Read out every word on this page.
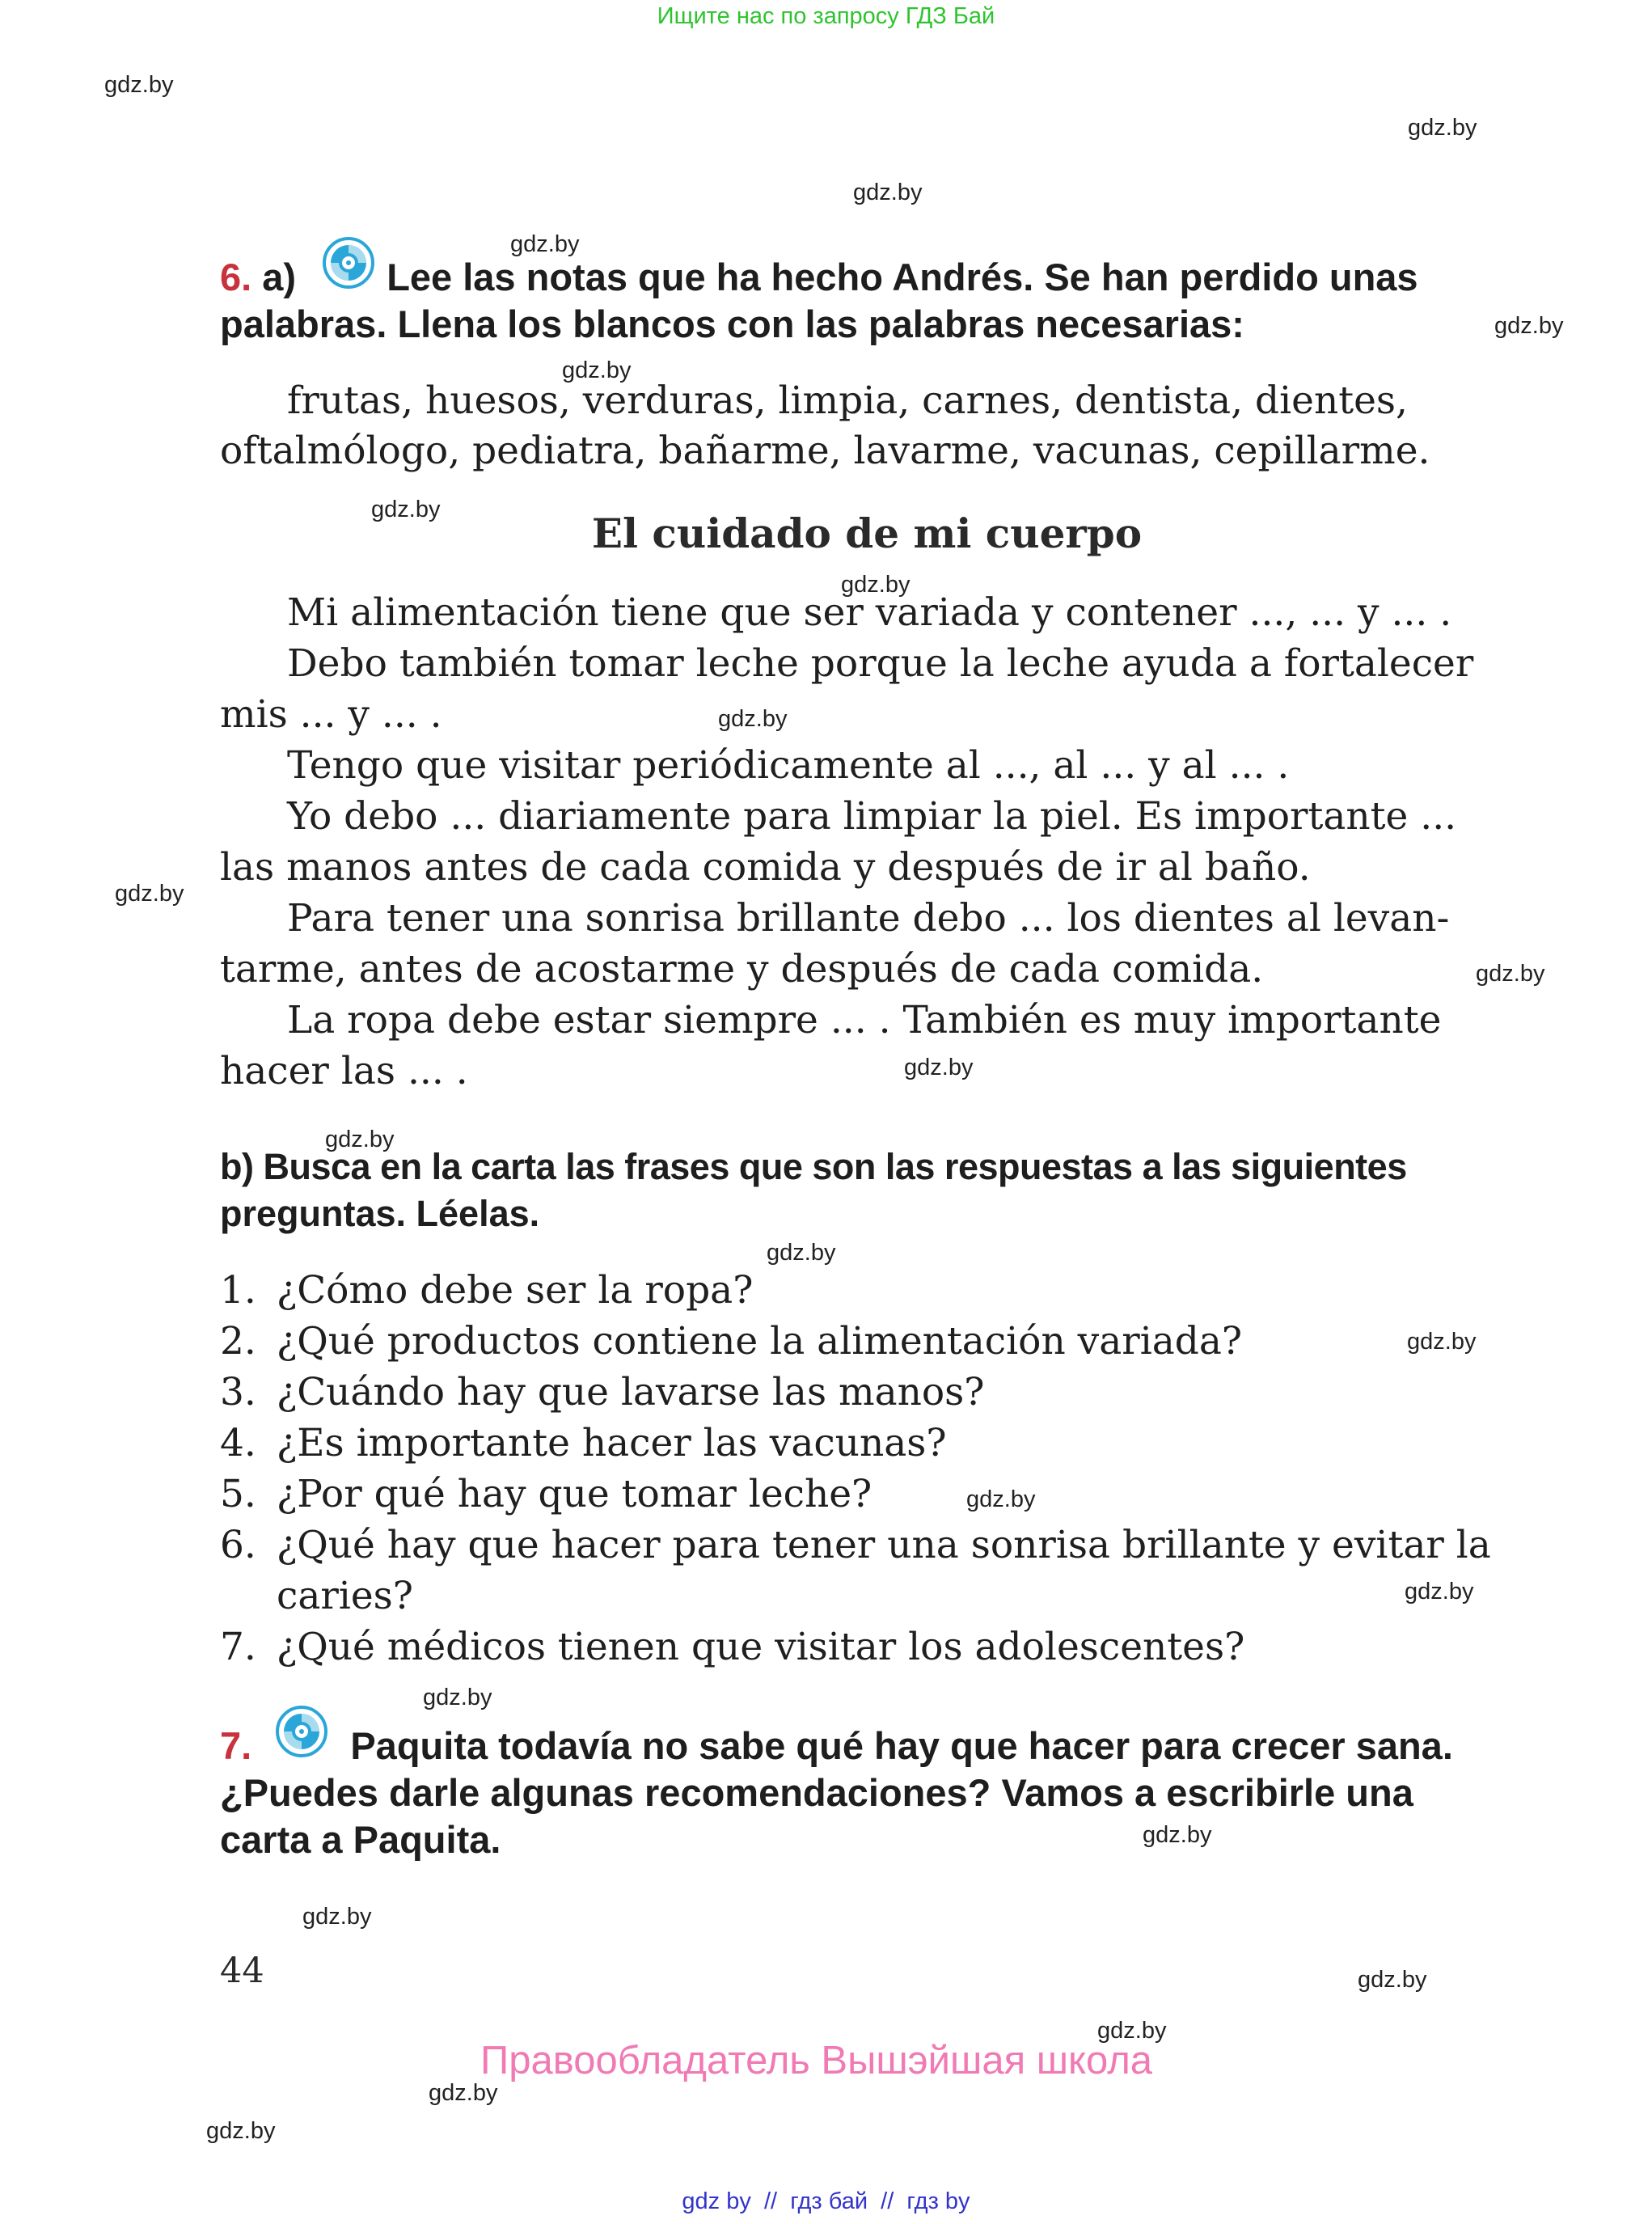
Ищите нас по запросу ГДЗ Бай
gdz.by
gdz.by
gdz.by
gdz.by
gdz.by
gdz.by
gdz.by
gdz.by
gdz.by
gdz.by
gdz.by
gdz.by
gdz.by
gdz.by
gdz.by
gdz.by
gdz.by
gdz.by
gdz.by
gdz.by
gdz.by
gdz.by
gdz.by
gdz.by
6. a) Lee las notas que ha hecho Andrés. Se han perdido unas
palabras. Llena los blancos con las palabras necesarias:
frutas, huesos, verduras, limpia, carnes, dentista, dientes,
oftalmólogo, pediatra, bañarme, lavarme, vacunas, cepillarme.
El cuidado de mi cuerpo
Mi alimentación tiene que ser variada y contener ..., ... y ... .
Debo también tomar leche porque la leche ayuda a fortalecer
mis ... y ... .
Tengo que visitar periódicamente al ..., al ... y al ... .
Yo debo ... diariamente para limpiar la piel. Es importante ...
las manos antes de cada comida y después de ir al baño.
Para tener una sonrisa brillante debo ... los dientes al levan-
tarme, antes de acostarme y después de cada comida.
La ropa debe estar siempre ... . También es muy importante
hacer las ... .
b) Busca en la carta las frases que son las respuestas a las siguientes
preguntas. Léelas.
1. ¿Cómo debe ser la ropa?
2. ¿Qué productos contiene la alimentación variada?
3. ¿Cuándo hay que lavarse las manos?
4. ¿Es importante hacer las vacunas?
5. ¿Por qué hay que tomar leche?
6. ¿Qué hay que hacer para tener una sonrisa brillante y evitar la
caries?
7. ¿Qué médicos tienen que visitar los adolescentes?
7.	Paquita todavía no sabe qué hay que hacer para crecer sana.
¿Puedes darle algunas recomendaciones? Vamos a escribirle una
carta a Paquita.
44
Правообладатель Вышэйшая школа
gdz by  //  гдз бай  //  гдз by
